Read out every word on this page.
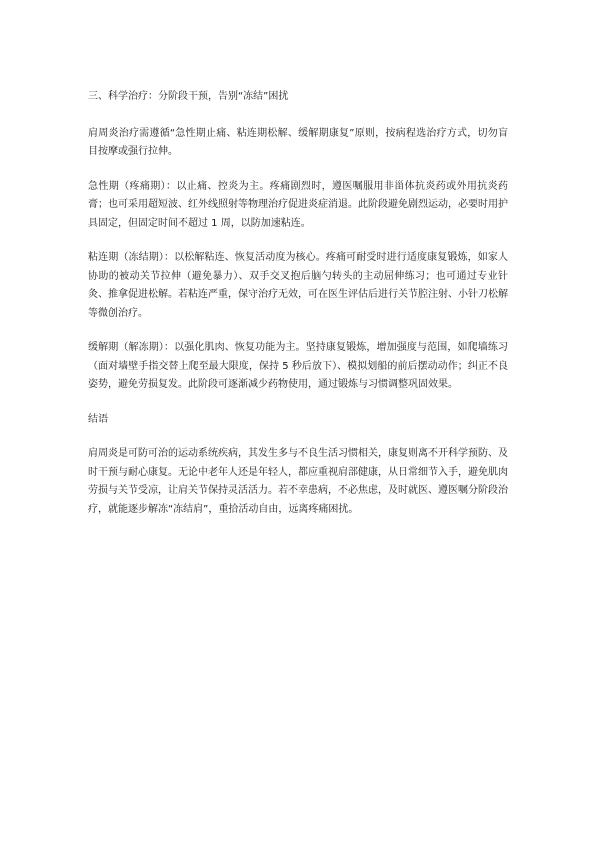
三、科学治疗：分阶段干预，告别“冻结”困扰

肩周炎治疗需遵循“急性期止痛、粘连期松解、缓解期康复”原则，按病程选治疗方式，切勿盲目按摩或强行拉伸。

急性期（疼痛期）：以止痛、控炎为主。疼痛剧烈时，遵医嘱服用非甾体抗炎药或外用抗炎药膏；也可采用超短波、红外线照射等物理治疗促进炎症消退。此阶段避免剧烈运动，必要时用护具固定，但固定时间不超过 1 周，以防加速粘连。

粘连期（冻结期）：以松解粘连、恢复活动度为核心。疼痛可耐受时进行适度康复锻炼，如家人协助的被动关节拉伸（避免暴力）、双手交叉抱后脑勺转头的主动屈伸练习；也可通过专业针灸、推拿促进松解。若粘连严重，保守治疗无效，可在医生评估后进行关节腔注射、小针刀松解等微创治疗。

缓解期（解冻期）：以强化肌肉、恢复功能为主。坚持康复锻炼，增加强度与范围，如爬墙练习（面对墙壁手指交替上爬至最大限度，保持 5 秒后放下）、模拟划船的前后摆动动作；纠正不良姿势，避免劳损复发。此阶段可逐渐减少药物使用，通过锻炼与习惯调整巩固效果。

结语

肩周炎是可防可治的运动系统疾病，其发生多与不良生活习惯相关，康复则离不开科学预防、及时干预与耐心康复。无论中老年人还是年轻人，都应重视肩部健康，从日常细节入手，避免肌肉劳损与关节受凉，让肩关节保持灵活活力。若不幸患病，不必焦虑，及时就医、遵医嘱分阶段治疗，就能逐步解冻“冻结肩”，重拾活动自由，远离疼痛困扰。
